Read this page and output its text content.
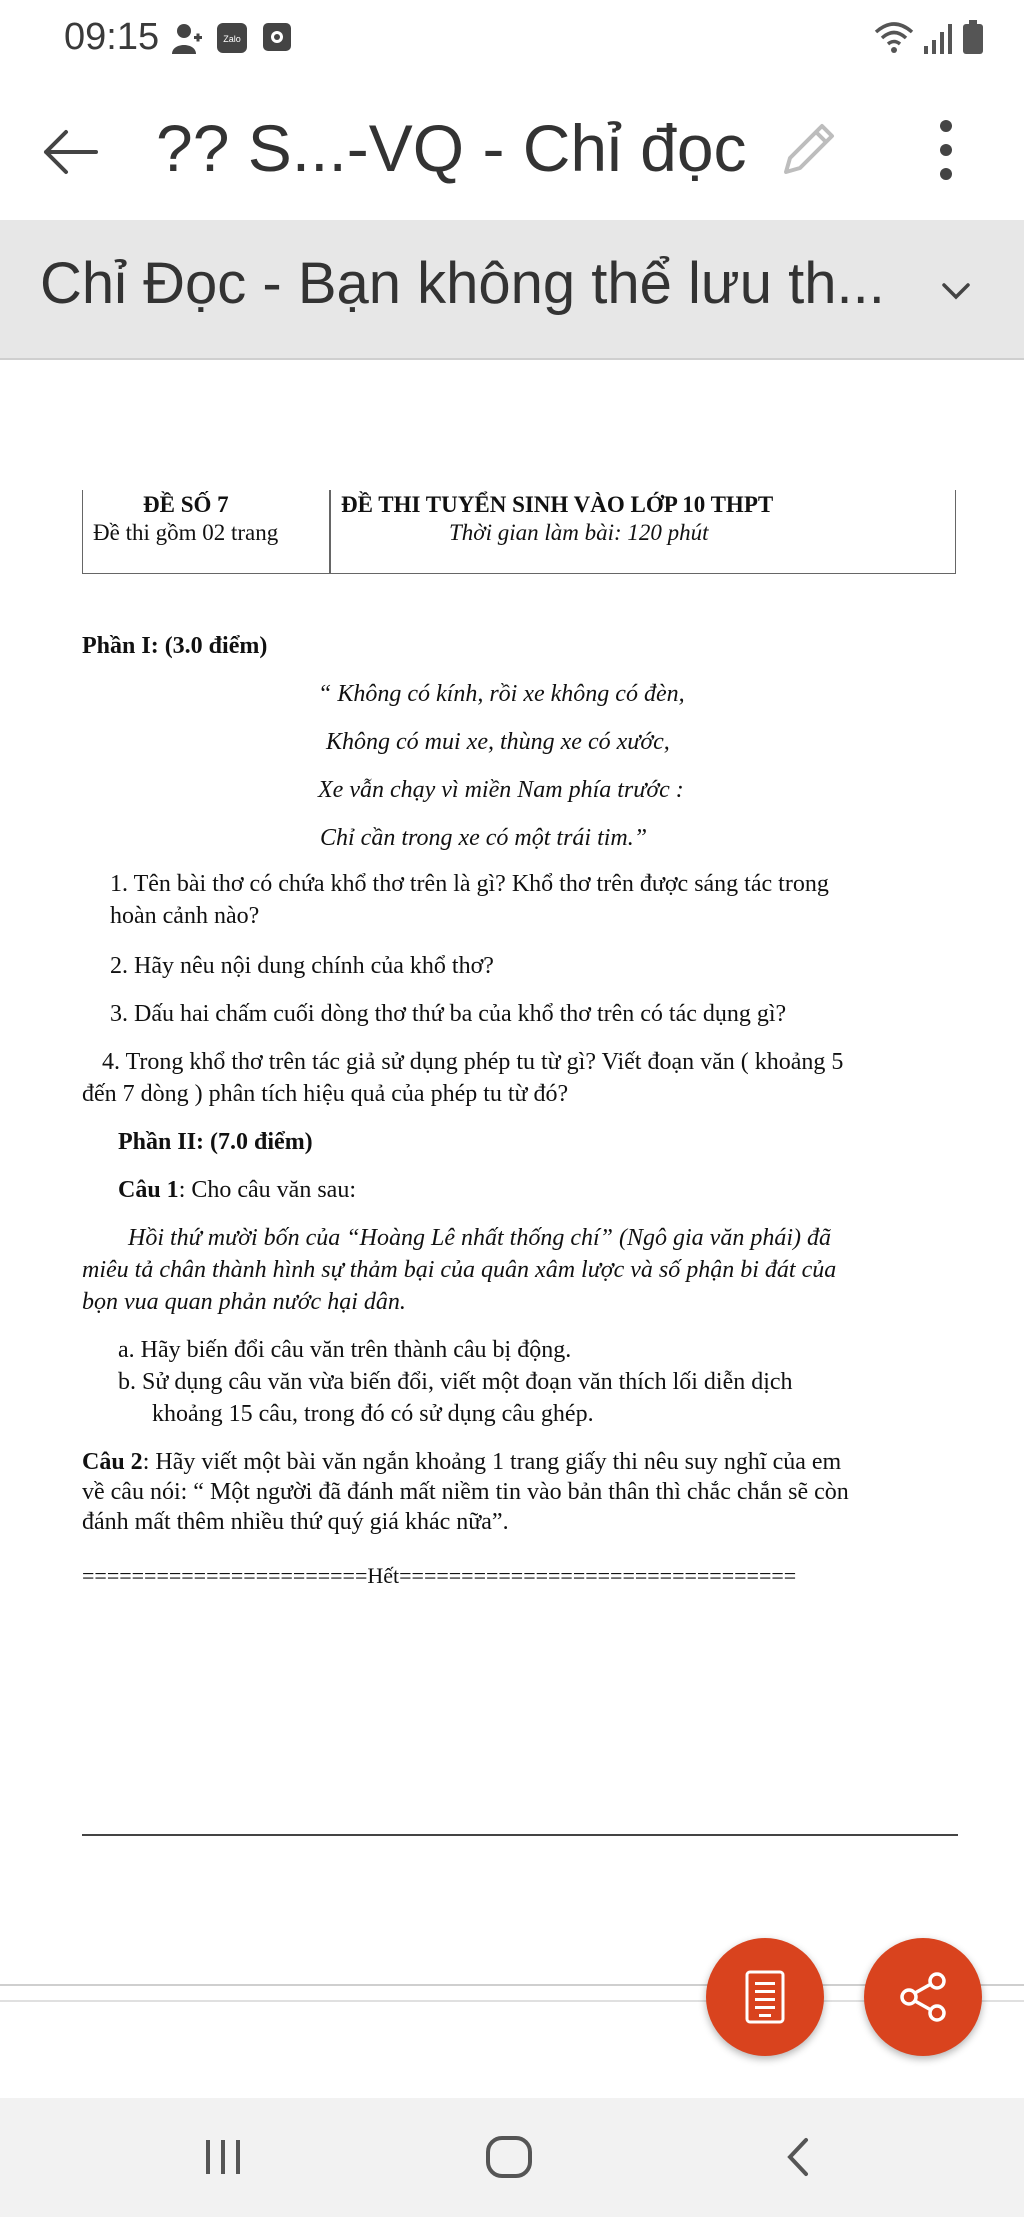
09:15	Zalo
?? S...-VQ - Chỉ đọc
Chỉ Đọc - Bạn không thể lưu th...
ĐỀ SỐ 7
Đề thi gồm 02 trang
ĐỀ THI TUYỂN SINH VÀO LỚP 10 THPT
Thời gian làm bài: 120 phút
Phần I: (3.0 điểm)
“ Không có kính, rồi xe không có đèn,
Không có mui xe, thùng xe có xước,
Xe vẫn chạy vì miền Nam phía trước :
Chỉ cần trong xe có một trái tim.”
1. Tên bài thơ có chứa khổ thơ trên là gì? Khổ thơ trên được sáng tác trong
hoàn cảnh nào?
2. Hãy nêu nội dung chính của khổ thơ?
3. Dấu hai chấm cuối dòng thơ thứ ba của khổ thơ trên có tác dụng gì?
4. Trong khổ thơ trên tác giả sử dụng phép tu từ gì? Viết đoạn văn ( khoảng 5
đến 7 dòng ) phân tích hiệu quả của phép tu từ đó?
Phần II: (7.0 điểm)
Câu 1: Cho câu văn sau:
Hồi thứ mười bốn của “Hoàng Lê nhất thống chí” (Ngô gia văn phái) đã
miêu tả chân thành hình sự thảm bại của quân xâm lược và số phận bi đát của
bọn vua quan phản nước hại dân.
a. Hãy biến đổi câu văn trên thành câu bị động.
b. Sử dụng câu văn vừa biến đổi, viết một đoạn văn thích lối diễn dịch
khoảng 15 câu, trong đó có sử dụng câu ghép.
Câu 2: Hãy viết một bài văn ngắn khoảng 1 trang giấy thi nêu suy nghĩ của em
về câu nói: “ Một người đã đánh mất niềm tin vào bản thân thì chắc chắn sẽ còn
đánh mất thêm nhiều thứ quý giá khác nữa”.
=======================Hết================================
